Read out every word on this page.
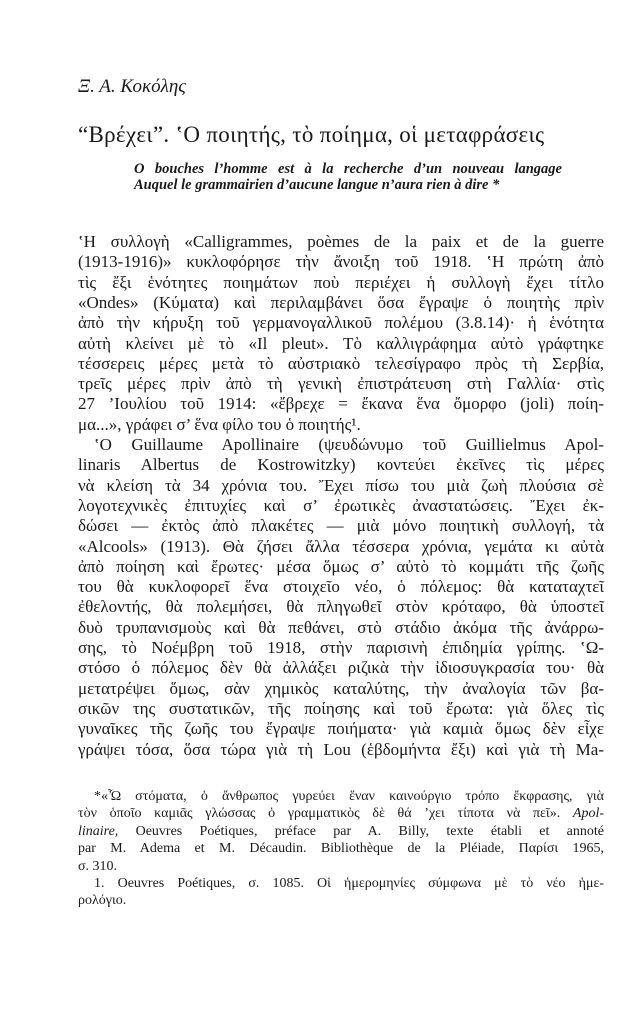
Ξ. Α. Κοκόλης
“Βρέχει”. ‛Ο ποιητής, τὸ ποίημα, οἱ μεταφράσεις
O bouches l’homme est à la recherche d’un nouveau langage
Auquel le grammairien d’aucune langue n’aura rien à dire *
‛Η συλλογὴ «Calligrammes, poèmes de la paix et de la guerre
(1913-1916)» κυκλοφόρησε τὴν ἄνοιξη τοῦ 1918. ‛Η πρώτη ἀπὸ
τὶς ἔξι ἑνότητες ποιημάτων ποὺ περιέχει ἡ συλλογὴ ἔχει τίτλο
«Ondes» (Κύματα) καὶ περιλαμβάνει ὅσα ἔγραψε ὁ ποιητὴς πρὶν
ἀπὸ τὴν κήρυξη τοῦ γερμανογαλλικοῦ πολέμου (3.8.14)· ἡ ἑνότητα
αὐτὴ κλείνει μὲ τὸ «Il pleut». Τὸ καλλιγράφημα αὐτὸ γράφτηκε
τέσσερεις μέρες μετὰ τὸ αὐστριακὸ τελεσίγραφο πρὸς τὴ Σερβία,
τρεῖς μέρες πρὶν ἀπὸ τὴ γενικὴ ἐπιστράτευση στὴ Γαλλία· στὶς
27 ’Ιουλίου τοῦ 1914: «ἔβρεχε = ἔκανα ἕνα ὄμορφο (joli) ποίη-
μα...», γράφει σ’ ἕνα φίλο του ὁ ποιητής¹.
‛Ο Guillaume Apollinaire (ψευδώνυμο τοῦ Guillielmus Apol-
linaris Albertus de Kostrowitzky) κοντεύει ἐκεῖνες τὶς μέρες
νὰ κλείση τὰ 34 χρόνια του. Ἔχει πίσω του μιὰ ζωὴ πλούσια σὲ
λογοτεχνικὲς ἐπιτυχίες καὶ σ’ ἐρωτικὲς ἀναστατώσεις. Ἔχει ἐκ-
δώσει — ἐκτὸς ἀπὸ πλακέτες — μιὰ μόνο ποιητικὴ συλλογή, τὰ
«Alcools» (1913). Θὰ ζήσει ἄλλα τέσσερα χρόνια, γεμάτα κι αὐτὰ
ἀπὸ ποίηση καὶ ἔρωτες· μέσα ὅμως σ’ αὐτὸ τὸ κομμάτι τῆς ζωῆς
του θὰ κυκλοφορεῖ ἕνα στοιχεῖο νέο, ὁ πόλεμος: θὰ καταταχτεῖ
ἐθελοντής, θὰ πολεμήσει, θὰ πληγωθεῖ στὸν κρόταφο, θὰ ὑποστεῖ
δυὸ τρυπανισμοὺς καὶ θὰ πεθάνει, στὸ στάδιο ἀκόμα τῆς ἀνάρρω-
σης, τὸ Νοέμβρη τοῦ 1918, στὴν παρισινὴ ἐπιδημία γρίπης. ‛Ω-
στόσο ὁ πόλεμος δὲν θὰ ἀλλάξει ριζικὰ τὴν ἰδιοσυγκρασία του· θὰ
μετατρέψει ὅμως, σὰν χημικὸς καταλύτης, τὴν ἀναλογία τῶν βα-
σικῶν της συστατικῶν, τῆς ποίησης καὶ τοῦ ἔρωτα: γιὰ ὅλες τὶς
γυναῖκες τῆς ζωῆς του ἔγραψε ποιήματα· γιὰ καμιὰ ὅμως δὲν εἶχε
γράψει τόσα, ὅσα τώρα γιὰ τὴ Lou (ἑβδομήντα ἔξι) καὶ γιὰ τὴ Ma-
*«Ὦ στόματα, ὁ ἄνθρωπος γυρεύει ἕναν καινούργιο τρόπο ἔκφρασης, γιὰ
τὸν ὁποῖο καμιᾶς γλώσσας ὁ γραμματικὸς δὲ θά ’χει τίποτα νὰ πεῖ». Apol-
linaire, Oeuvres Poétiques, préface par A. Billy, texte établi et annoté
par M. Adema et M. Décaudin. Bibliothèque de la Pléiade, Παρίσι 1965,
σ. 310.
1. Oeuvres Poétiques, σ. 1085. Οἱ ἡμερομηνίες σύμφωνα μὲ τὸ νέο ἡμε-
ρολόγιο.
